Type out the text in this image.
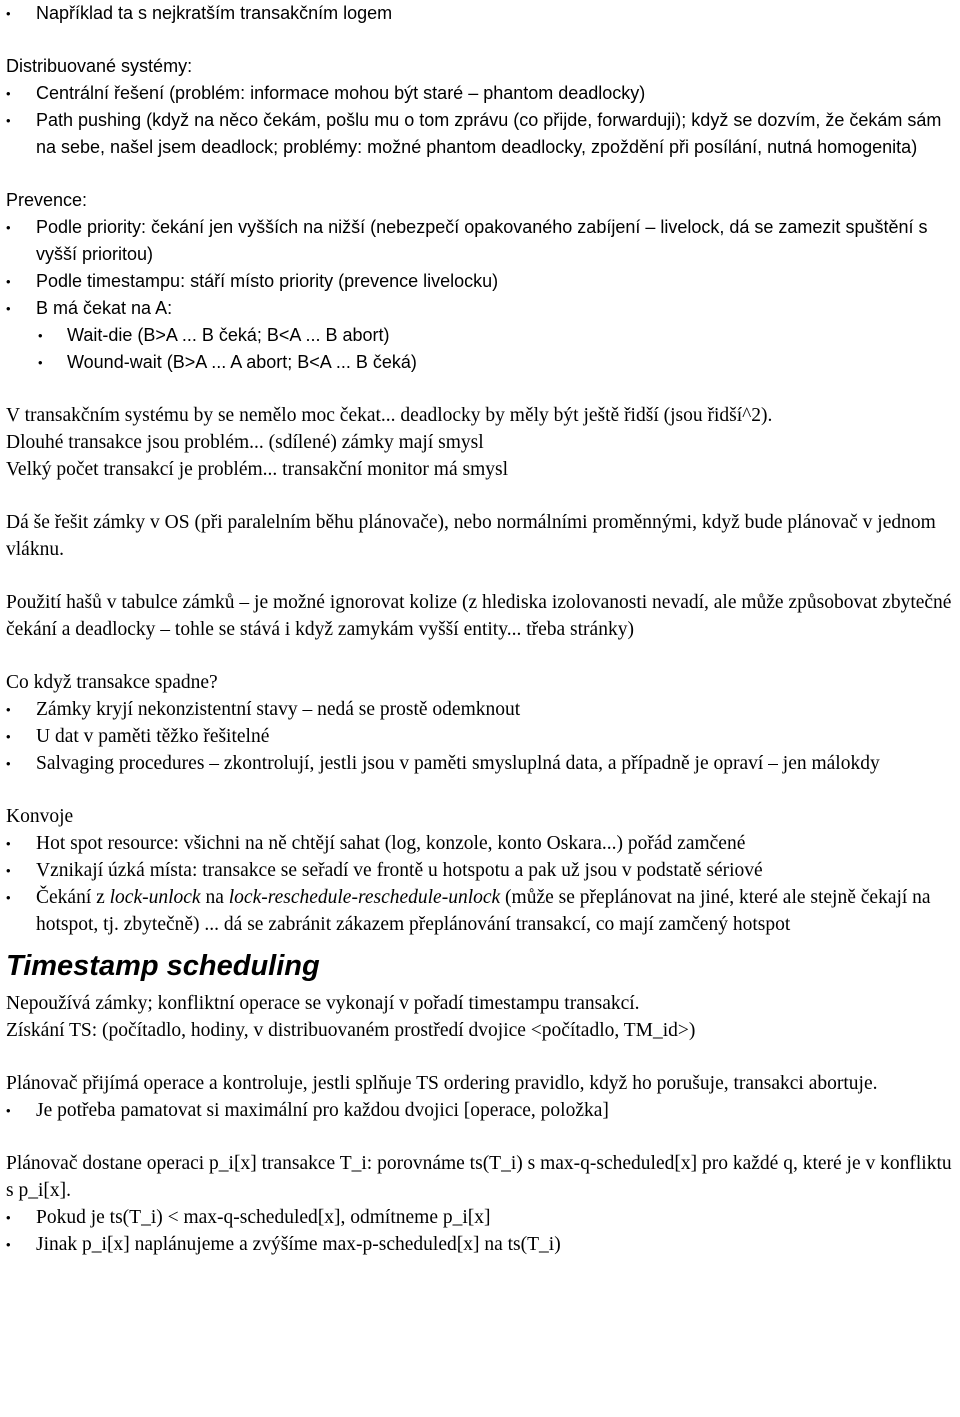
• Například ta s nejkratším transakčním logem

Distribuované systémy:

• Centrální řešení (problém: informace mohou být staré – phantom deadlocky)
• Path pushing (když na něco čekám, pošlu mu o tom zprávu (co přijde, forwarduji); když se dozvím, že čekám sám na sebe, našel jsem deadlock; problémy: možné phantom deadlocky, zpoždění při posílání, nutná homogenita)

Prevence:

• Podle priority: čekání jen vyšších na nižší (nebezpečí opakovaného zabíjení – livelock, dá se zamezit spuštění s vyšší prioritou)
• Podle timestampu: stáří místo priority (prevence livelocku)
• B má čekat na A:
• Wait-die (B>A ... B čeká; B<A ... B abort)
• Wound-wait (B>A ... A abort; B<A ... B čeká)

V transakčním systému by se nemělo moc čekat... deadlocky by měly být ještě řidší (jsou řidší^2).

Dlouhé transakce jsou problém... (sdílené) zámky mají smysl

Velký počet transakcí je problém... transakční monitor má smysl

Dá še řešit zámky v OS (při paralelním běhu plánovače), nebo normálními proměnnými, když bude plánovač v jednom vláknu.

Použití hašů v tabulce zámků – je možné ignorovat kolize (z hlediska izolovanosti nevadí, ale může způsobovat zbytečné čekání a deadlocky – tohle se stává i když zamykám vyšší entity... třeba stránky)

Co když transakce spadne?

• Zámky kryjí nekonzistentní stavy – nedá se prostě odemknout
• U dat v paměti těžko řešitelné
• Salvaging procedures – zkontrolují, jestli jsou v paměti smysluplná data, a případně je opraví – jen málokdy

Konvoje

• Hot spot resource: všichni na ně chtějí sahat (log, konzole, konto Oskara...) pořád zamčené
• Vznikají úzká místa: transakce se seřadí ve frontě u hotspotu a pak už jsou v podstatě sériové
• Čekání z lock-unlock na lock-reschedule-reschedule-unlock (může se přeplánovat na jiné, které ale stejně čekají na hotspot, tj. zbytečně) ... dá se zabránit zákazem přeplánování transakcí, co mají zamčený hotspot
Timestamp scheduling

Nepoužívá zámky; konfliktní operace se vykonají v pořadí timestampu transakcí.

Získání TS: (počítadlo, hodiny, v distribuovaném prostředí dvojice <počítadlo, TM_id>)

Plánovač přijímá operace a kontroluje, jestli splňuje TS ordering pravidlo, když ho porušuje, transakci abortuje.

• Je potřeba pamatovat si maximální pro každou dvojici [operace, položka]

Plánovač dostane operaci p_i[x] transakce T_i: porovnáme ts(T_i) s max-q-scheduled[x] pro každé q, které je v konfliktu s p_i[x].

• Pokud je ts(T_i) < max-q-scheduled[x], odmítneme p_i[x]
• Jinak p_i[x] naplánujeme a zvýšíme max-p-scheduled[x] na ts(T_i)
